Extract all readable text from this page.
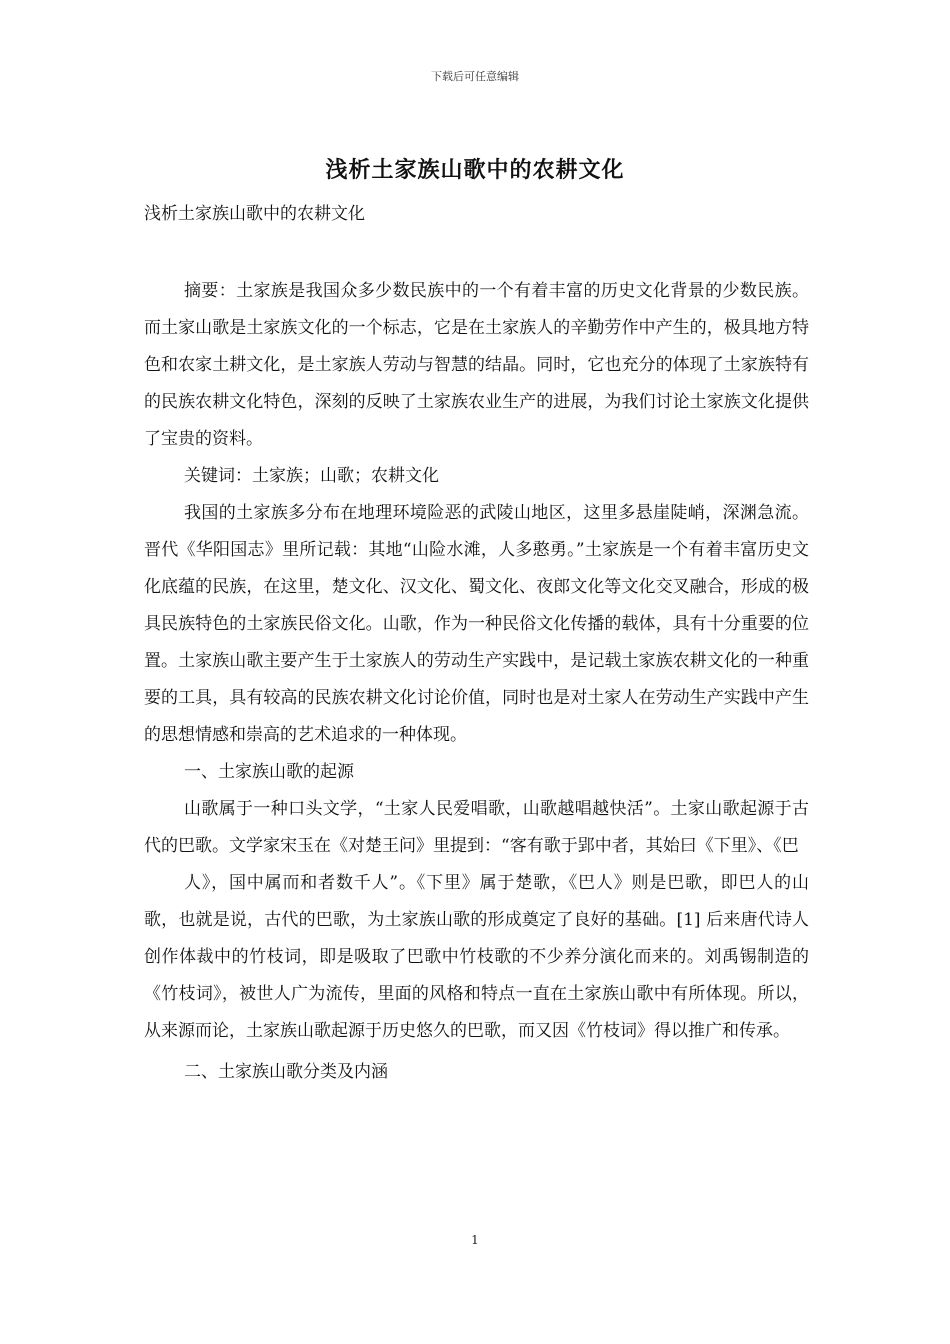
下载后可任意编辑
浅析土家族山歌中的农耕文化

浅析土家族山歌中的农耕文化

摘要：土家族是我国众多少数民族中的一个有着丰富的历史文化背景的少数民族。而土家山歌是土家族文化的一个标志，它是在土家族人的辛勤劳作中产生的，极具地方特色和农家土耕文化，是土家族人劳动与智慧的结晶。同时，它也充分的体现了土家族特有的民族农耕文化特色，深刻的反映了土家族农业生产的进展，为我们讨论土家族文化提供了宝贵的资料。

关键词：土家族；山歌；农耕文化

我国的土家族多分布在地理环境险恶的武陵山地区，这里多悬崖陡峭，深渊急流。晋代《华阳国志》里所记载：其地“山险水滩，人多憨勇。”土家族是一个有着丰富历史文化底蕴的民族，在这里，楚文化、汉文化、蜀文化、夜郎文化等文化交叉融合，形成的极具民族特色的土家族民俗文化。山歌，作为一种民俗文化传播的载体，具有十分重要的位置。土家族山歌主要产生于土家族人的劳动生产实践中，是记载土家族农耕文化的一种重要的工具，具有较高的民族农耕文化讨论价值，同时也是对土家人在劳动生产实践中产生的思想情感和崇高的艺术追求的一种体现。

一、土家族山歌的起源

山歌属于一种口头文学，“土家人民爱唱歌，山歌越唱越快活”。土家山歌起源于古代的巴歌。文学家宋玉在《对楚王问》里提到：“客有歌于郢中者，其始曰《下里》、《巴

人》，国中属而和者数千人”。《下里》属于楚歌，《巴人》则是巴歌，即巴人的山歌，也就是说，古代的巴歌，为土家族山歌的形成奠定了良好的基础。[1] 后来唐代诗人创作体裁中的竹枝词，即是吸取了巴歌中竹枝歌的不少养分演化而来的。刘禹锡制造的《竹枝词》，被世人广为流传，里面的风格和特点一直在土家族山歌中有所体现。所以，从来源而论，土家族山歌起源于历史悠久的巴歌，而又因《竹枝词》得以推广和传承。

二、土家族山歌分类及内涵

1
